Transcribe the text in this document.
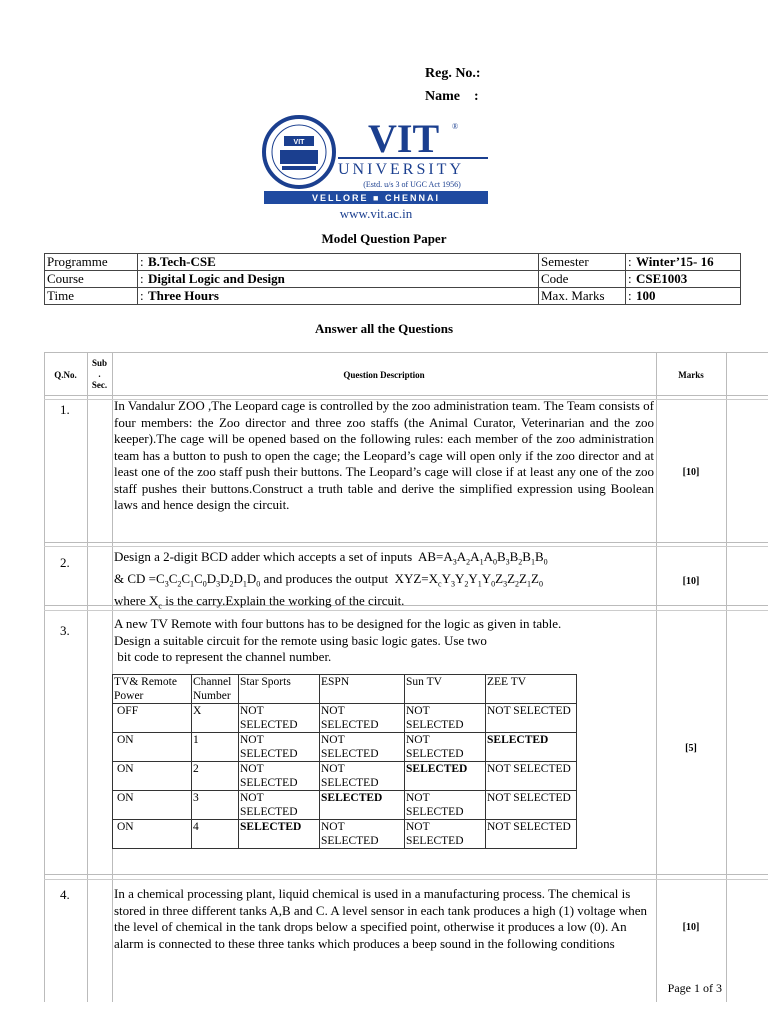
Reg. No.:
Name    :
VIT VIT ®
UNIVERSITY
(Estd. u/s 3 of UGC Act 1956)
VELLORE ■ CHENNAI
www.vit.ac.in
Model Question Paper
Programme	:	B.Tech-CSE	Semester	:	Winter’15- 16
Course	:	Digital Logic and Design	Code	:	CSE1003
Time	:	Three Hours	Max. Marks	:	100
Answer all the Questions
Q.No.
Sub
.
Sec.
Question Description	Marks
1.	In Vandalur ZOO ,The Leopard cage is controlled by the zoo administration team. The Team consists of four members: the Zoo director and three zoo staffs (the Animal Curator, Veterinarian and the zoo keeper).The cage will be opened based on the following rules: each member of the zoo administration team has a button to push to open the cage; the Leopard’s cage will open only if the zoo director and at least one of the zoo staff push their buttons. The Leopard’s cage will close if at least any one of the zoo staff pushes their buttons.Construct a truth table and derive the simplified expression using Boolean laws and hence design the circuit.
[10]
2.	Design a 2-digit BCD adder which accepts a set of inputs  $AB=A_3A_2A_1A_0B_3B_2B_1B_0$
& CD $=C_3C_2C_1C_0D_3D_2D_1D_0$ and produces the output  $XYZ=X_cY_3Y_2Y_1Y_0Z_3Z_2Z_1Z_0$
where $X_c$ is the carry.Explain the working of the circuit.
[10]
3.	A new TV Remote with four buttons has to be designed for the logic as given in table.
Design a suitable circuit for the remote using basic logic gates. Use two
bit code to represent the channel number.
[5]
TV& Remote Power	Channel Number	Star Sports	ESPN	Sun TV	ZEE TV
OFF	X	NOT SELECTED	NOT SELECTED	NOT SELECTED	NOT SELECTED
ON	1	NOT SELECTED	NOT SELECTED	NOT SELECTED	SELECTED
ON	2	NOT SELECTED	NOT SELECTED	SELECTED	NOT SELECTED
ON	3	NOT SELECTED	SELECTED	NOT SELECTED	NOT SELECTED
ON	4	SELECTED	NOT SELECTED	NOT SELECTED	NOT SELECTED
4.	In a chemical processing plant, liquid chemical is used in a manufacturing process. The chemical is stored in three different tanks A,B and C. A level sensor in each tank produces a high (1) voltage when the level of chemical in the tank drops below a specified point, otherwise it produces a low (0). An alarm is connected to these three tanks which produces a beep sound in the following conditions
[10]
Page 1 of 3
